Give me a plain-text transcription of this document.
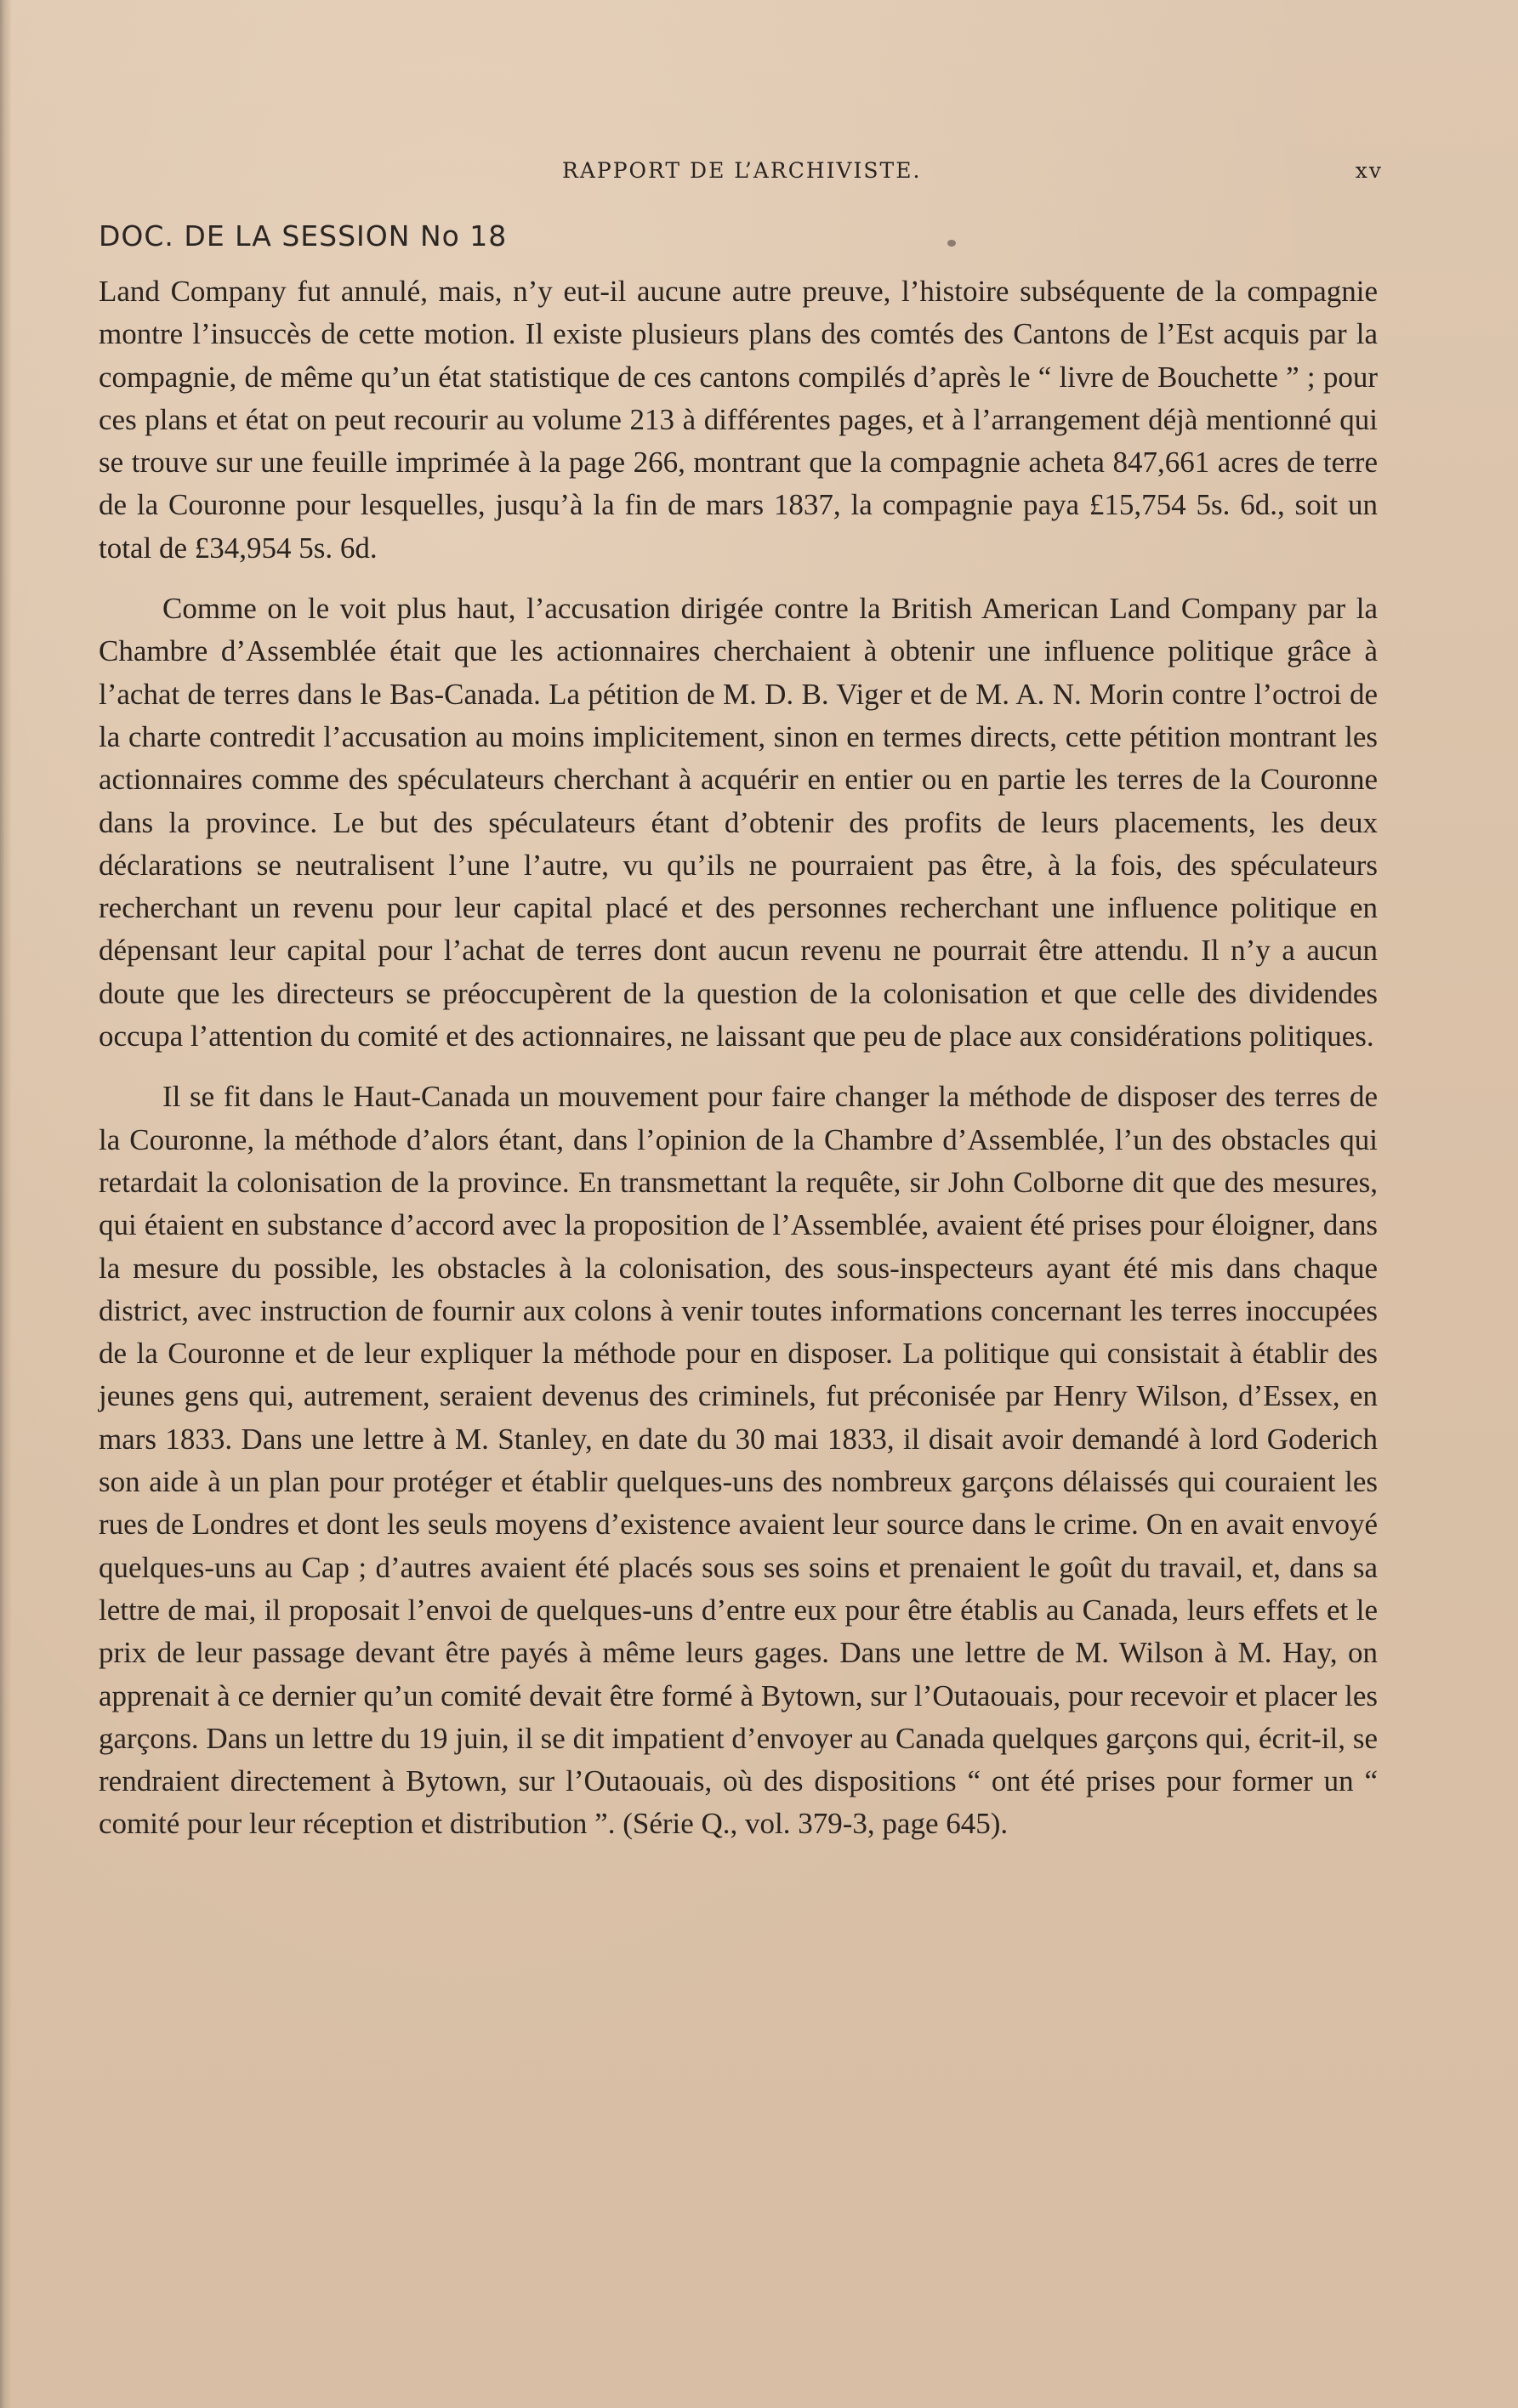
RAPPORT DE L’ARCHIVISTE.	xv
DOC. DE LA SESSION No 18

Land Company fut annulé, mais, n’y eut-il aucune autre preuve, l’histoire subséquente de la compagnie montre l’insuccès de cette motion. Il existe plusieurs plans des comtés des Cantons de l’Est acquis par la compagnie, de même qu’un état statistique de ces cantons compilés d’après le “ livre de Bouchette ” ; pour ces plans et état on peut recourir au volume 213 à différentes pages, et à l’arrangement déjà mentionné qui se trouve sur une feuille imprimée à la page 266, montrant que la compagnie acheta 847,661 acres de terre de la Couronne pour lesquelles, jusqu’à la fin de mars 1837, la compagnie paya £15,754 5s. 6d., soit un total de £34,954 5s. 6d.

Comme on le voit plus haut, l’accusation dirigée contre la British American Land Company par la Chambre d’Assemblée était que les actionnaires cherchaient à obtenir une influence politique grâce à l’achat de terres dans le Bas-Canada. La pétition de M. D. B. Viger et de M. A. N. Morin contre l’octroi de la charte contredit l’accusation au moins implicitement, sinon en termes directs, cette pétition montrant les actionnaires comme des spéculateurs cherchant à acquérir en entier ou en partie les terres de la Couronne dans la province. Le but des spéculateurs étant d’obtenir des profits de leurs placements, les deux déclarations se neutralisent l’une l’autre, vu qu’ils ne pourraient pas être, à la fois, des spéculateurs recherchant un revenu pour leur capital placé et des personnes recherchant une influence politique en dépensant leur capital pour l’achat de terres dont aucun revenu ne pourrait être attendu. Il n’y a aucun doute que les directeurs se préoccupèrent de la question de la colonisation et que celle des dividendes occupa l’attention du comité et des actionnaires, ne laissant que peu de place aux considérations politiques.

Il se fit dans le Haut-Canada un mouvement pour faire changer la méthode de disposer des terres de la Couronne, la méthode d’alors étant, dans l’opinion de la Chambre d’Assemblée, l’un des obstacles qui retardait la colonisation de la province. En transmettant la requête, sir John Colborne dit que des mesures, qui étaient en substance d’accord avec la proposition de l’Assemblée, avaient été prises pour éloigner, dans la mesure du possible, les obstacles à la colonisation, des sous-inspecteurs ayant été mis dans chaque district, avec instruction de fournir aux colons à venir toutes informations concernant les terres inoccupées de la Couronne et de leur expliquer la méthode pour en disposer. La politique qui consistait à établir des jeunes gens qui, autrement, seraient devenus des criminels, fut préconisée par Henry Wilson, d’Essex, en mars 1833. Dans une lettre à M. Stanley, en date du 30 mai 1833, il disait avoir demandé à lord Goderich son aide à un plan pour protéger et établir quelques-uns des nombreux garçons délaissés qui couraient les rues de Londres et dont les seuls moyens d’existence avaient leur source dans le crime. On en avait envoyé quelques-uns au Cap ; d’autres avaient été placés sous ses soins et prenaient le goût du travail, et, dans sa lettre de mai, il proposait l’envoi de quelques-uns d’entre eux pour être établis au Canada, leurs effets et le prix de leur passage devant être payés à même leurs gages. Dans une lettre de M. Wilson à M. Hay, on apprenait à ce dernier qu’un comité devait être formé à Bytown, sur l’Outaouais, pour recevoir et placer les garçons. Dans un lettre du 19 juin, il se dit impatient d’envoyer au Canada quelques garçons qui, écrit-il, se rendraient directement à Bytown, sur l’Outaouais, où des dispositions “ ont été prises pour former un “ comité pour leur réception et distribution ”. (Série Q., vol. 379-3, page 645).
